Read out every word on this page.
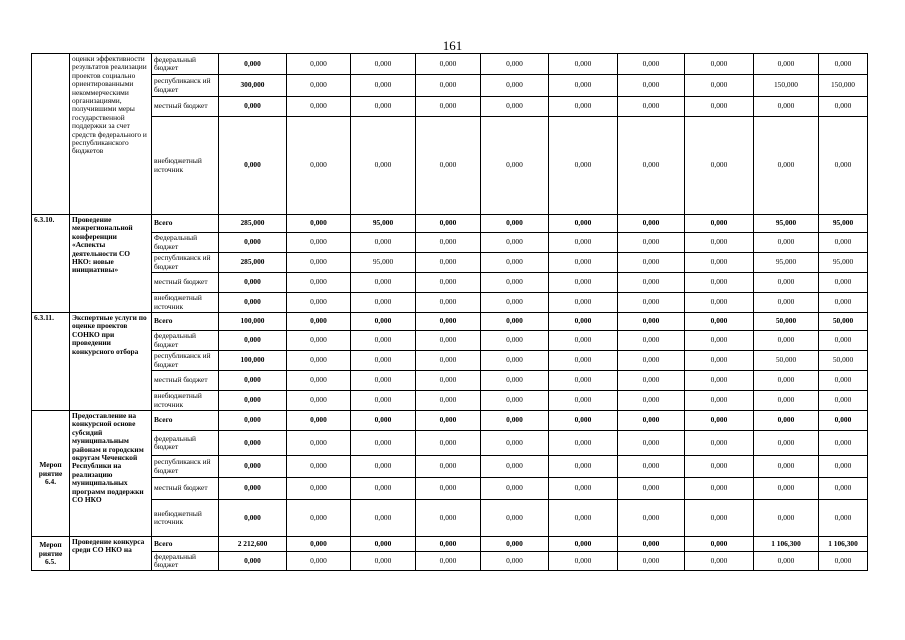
161
	оценки эффективности результатов реализации проектов социально ориентированными некоммерческими организациями, получившими меры государственной поддержки за счет средств федерального и республиканского бюджетов	федеральный бюджет	0,000	0,000	0,000	0,000	0,000	0,000	0,000	0,000	0,000	0,000
		республиканск ий бюджет	300,000	0,000	0,000	0,000	0,000	0,000	0,000	0,000	150,000	150,000
		местный бюджет	0,000	0,000	0,000	0,000	0,000	0,000	0,000	0,000	0,000	0,000
		внебюджетный источник	0,000	0,000	0,000	0,000	0,000	0,000	0,000	0,000	0,000	0,000
6.3.10.	Проведение межрегиональной конференции «Аспекты деятельности СО НКО: новые инициативы»	Всего	285,000	0,000	95,000	0,000	0,000	0,000	0,000	0,000	95,000	95,000
		Федеральный бюджет	0,000	0,000	0,000	0,000	0,000	0,000	0,000	0,000	0,000	0,000
		республиканск ий бюджет	285,000	0,000	95,000	0,000	0,000	0,000	0,000	0,000	95,000	95,000
		местный бюджет	0,000	0,000	0,000	0,000	0,000	0,000	0,000	0,000	0,000	0,000
		внебюджетный источник	0,000	0,000	0,000	0,000	0,000	0,000	0,000	0,000	0,000	0,000
6.3.11.	Экспертные услуги по оценке проектов СОНКО при проведении конкурсного отбора	Всего	100,000	0,000	0,000	0,000	0,000	0,000	0,000	0,000	50,000	50,000
		федеральный бюджет	0,000	0,000	0,000	0,000	0,000	0,000	0,000	0,000	0,000	0,000
		республиканск ий бюджет	100,000	0,000	0,000	0,000	0,000	0,000	0,000	0,000	50,000	50,000
		местный бюджет	0,000	0,000	0,000	0,000	0,000	0,000	0,000	0,000	0,000	0,000
		внебюджетный источник	0,000	0,000	0,000	0,000	0,000	0,000	0,000	0,000	0,000	0,000
Мероп риятие 6.4.	Предоставление на конкурсной основе субсидий муниципальным районам и городским округам Чеченской Республики на реализацию муниципальных программ поддержки СО НКО	Всего	0,000	0,000	0,000	0,000	0,000	0,000	0,000	0,000	0,000	0,000
		федеральный бюджет	0,000	0,000	0,000	0,000	0,000	0,000	0,000	0,000	0,000	0,000
		республиканск ий бюджет	0,000	0,000	0,000	0,000	0,000	0,000	0,000	0,000	0,000	0,000
		местный бюджет	0,000	0,000	0,000	0,000	0,000	0,000	0,000	0,000	0,000	0,000
		внебюджетный источник	0,000	0,000	0,000	0,000	0,000	0,000	0,000	0,000	0,000	0,000
Мероп риятие 6.5.	Проведение конкурса среди СО НКО на	Всего	2 212,600	0,000	0,000	0,000	0,000	0,000	0,000	0,000	1 106,300	1 106,300
		федеральный бюджет	0,000	0,000	0,000	0,000	0,000	0,000	0,000	0,000	0,000	0,000
